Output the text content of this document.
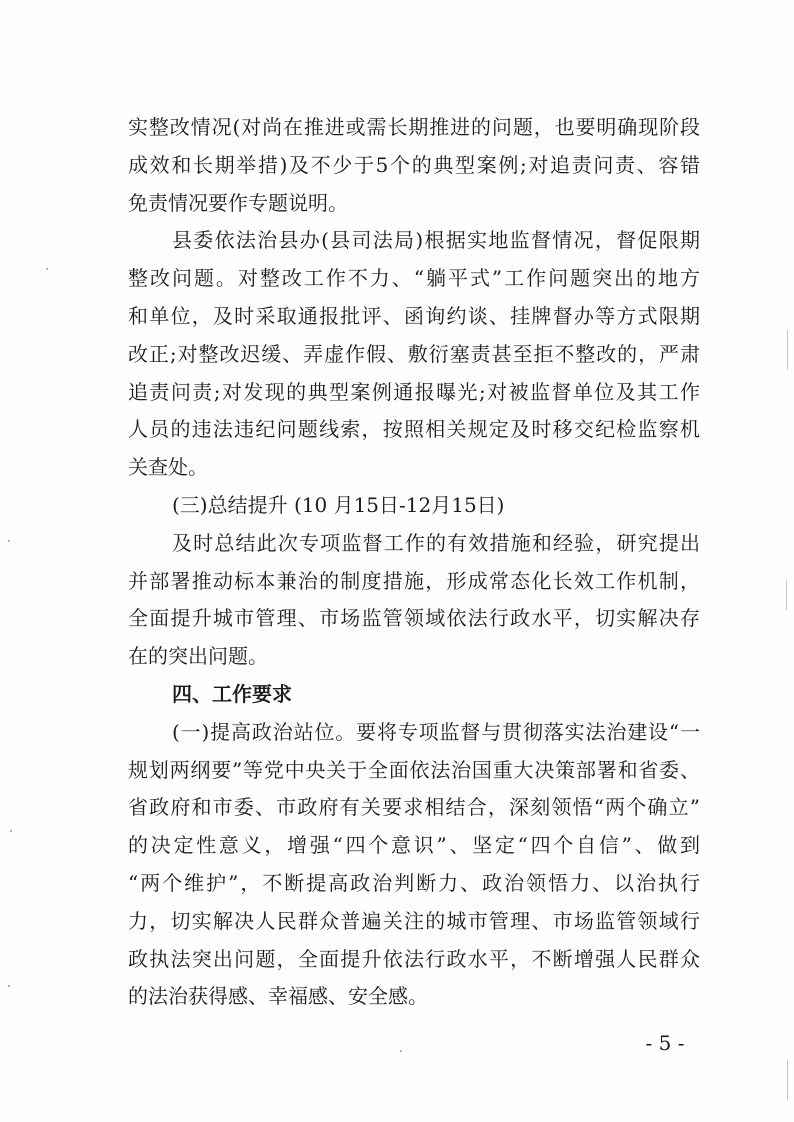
实整改情况(对尚在推进或需长期推进的问题，也要明确现阶段
成效和长期举措)及不少于5个的典型案例;对追责问责、容错
免责情况要作专题说明。
县委依法治县办(县司法局)根据实地监督情况，督促限期
整改问题。对整改工作不力、“躺平式”工作问题突出的地方
和单位，及时采取通报批评、函询约谈、挂牌督办等方式限期
改正;对整改迟缓、弄虚作假、敷衍塞责甚至拒不整改的，严肃
追责问责;对发现的典型案例通报曝光;对被监督单位及其工作
人员的违法违纪问题线索，按照相关规定及时移交纪检监察机
关查处。
(三)总结提升 (10 月15日-12月15日)
及时总结此次专项监督工作的有效措施和经验，研究提出
并部署推动标本兼治的制度措施，形成常态化长效工作机制，
全面提升城市管理、市场监管领域依法行政水平，切实解决存
在的突出问题。
四、工作要求
(一)提高政治站位。要将专项监督与贯彻落实法治建设“一
规划两纲要”等党中央关于全面依法治国重大决策部署和省委、
省政府和市委、市政府有关要求相结合，深刻领悟“两个确立”
的决定性意义，增强“四个意识”、坚定“四个自信”、做到
“两个维护”，不断提高政治判断力、政治领悟力、以治执行
力，切实解决人民群众普遍关注的城市管理、市场监管领域行
政执法突出问题，全面提升依法行政水平，不断增强人民群众
的法治获得感、幸福感、安全感。
- 5 -
